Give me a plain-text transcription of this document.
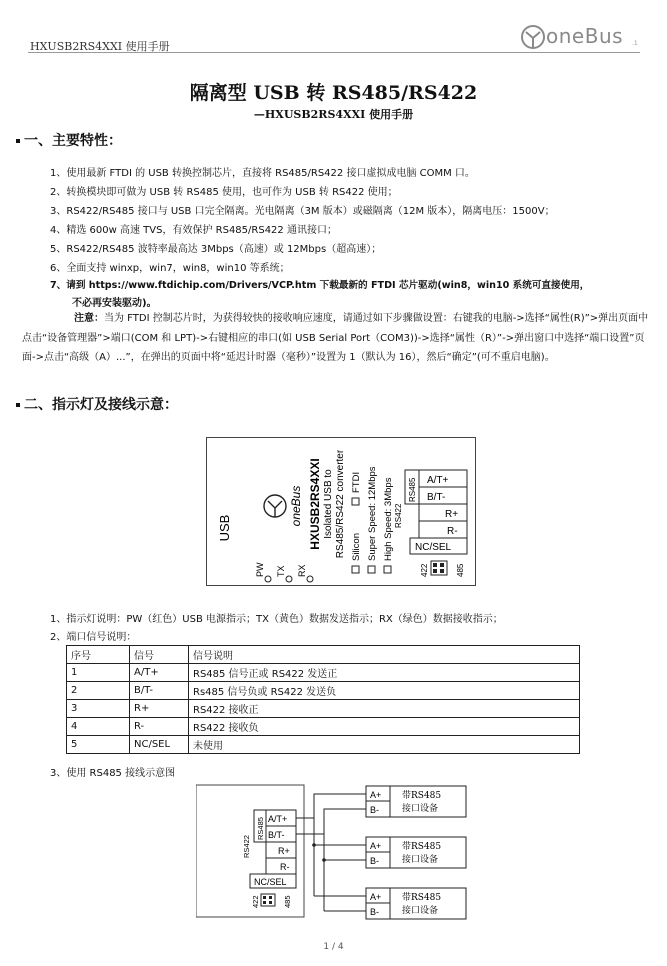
HXUSB2RS4XXI 使用手册	oneBus .1
隔离型 USB 转 RS485/RS422
—HXUSB2RS4XXI 使用手册
一、主要特性：
1、使用最新 FTDI 的 USB 转换控制芯片，直接将 RS485/RS422 接口虚拟成电脑 COMM 口。
2、转换模块即可做为 USB 转 RS485 使用，也可作为 USB 转 RS422 使用；
3、RS422/RS485 接口与 USB 口完全隔离。光电隔离（3M 版本）或磁隔离（12M 版本），隔离电压：1500V；
4、精选 600w 高速 TVS，有效保护 RS485/RS422 通讯接口；
5、RS422/RS485 波特率最高达 3Mbps（高速）或 12Mbps（超高速）；
6、全面支持 winxp，win7，win8，win10 等系统；
7、请到 https://www.ftdichip.com/Drivers/VCP.htm 下载最新的 FTDI 芯片驱动(win8，win10 系统可直接使用，
不必再安装驱动)。
注意：当为 FTDI 控制芯片时，为获得较快的接收响应速度，请通过如下步骤做设置：右键我的电脑->选择“属性(R)”>弹出页面中点击“设备管理器”>端口(COM 和 LPT)->右键相应的串口(如 USB Serial Port（COM3))->选择“属性（R）”->弹出窗口中选择“端口设置”页面->点击“高级（A）...”，在弹出的页面中将“延迟计时器（毫秒）”设置为 1（默认为 16），然后“确定”(可不重启电脑)。
二、指示灯及接线示意：
USB
oneBus HXUSB2RS4XXI Isolated USB to RS485/RS422 converter Silicon
FTDI Super Speed: 12Mbps High Speed: 3Mbps
PW TX RX
A/T+
B/T-
R+
R-
RS485
RS422
NC/SEL
422	485
1、指示灯说明：PW（红色）USB 电源指示；TX（黄色）数据发送指示；RX（绿色）数据接收指示；
2、端口信号说明：
序号	信号	信号说明
1	A/T+	RS485 信号正或 RS422 发送正
2	B/T-	Rs485 信号负或 RS422 发送负
3	R+	RS422 接收正
4	R-	RS422 接收负
5	NC/SEL	未使用
3、使用 RS485 接线示意图
A/T+
B/T-
R+
R-
RS485
RS422
NC/SEL
422	485
A+
B-
带RS485
接口设备
A+
B-
带RS485
接口设备
A+
B-
带RS485
接口设备
1 / 4
